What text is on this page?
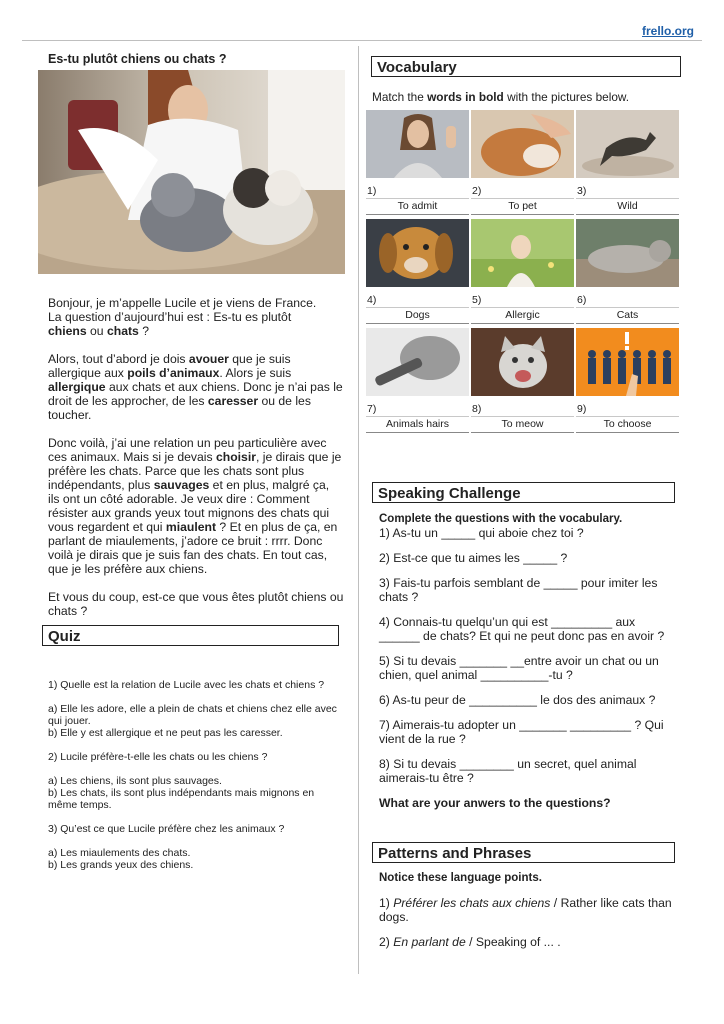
frello.org
Es-tu plutôt chiens ou chats ?

Bonjour, je m’appelle Lucile et je viens de France.
La question d’aujourd’hui est : Es-tu es plutôt
chiens ou chats ?

Alors, tout d’abord je dois avouer que je suis allergique aux poils d’animaux. Alors je suis allergique aux chats et aux chiens. Donc je n’ai pas le droit de les approcher, de les caresser ou de les toucher.

Donc voilà, j’ai une relation un peu particulière avec ces animaux. Mais si je devais choisir, je dirais que je préfère les chats. Parce que les chats sont plus indépendants, plus sauvages et en plus, malgré ça, ils ont un côté adorable. Je veux dire : Comment résister aux grands yeux tout mignons des chats qui vous regardent et qui miaulent ? Et en plus de ça, en parlant de miaulements, j’adore ce bruit : rrrr. Donc voilà je dirais que je suis fan des chats. En tout cas, que je les préfère aux chiens.

Et vous du coup, est-ce que vous êtes plutôt chiens ou chats ?

Quiz

1) Quelle est la relation de Lucile avec les chats et chiens ?

a) Elle les adore, elle a plein de chats et chiens chez elle avec qui jouer.
b) Elle y est allergique et ne peut pas les caresser.

2) Lucile préfère-t-elle les chats ou les chiens ?

a) Les chiens, ils sont plus sauvages.
b) Les chats, ils sont plus indépendants mais mignons en même temps.

3) Qu’est ce que Lucile préfère chez les animaux ?

a) Les miaulements des chats.
b) Les grands yeux des chiens.

Vocabulary
Match the words in bold with the pictures below.
1)
To admit
2)
To pet
3)
Wild
4)
Dogs
5)
Allergic
6)
Cats
7)
Animals hairs
8)
To meow
9)
To choose
Speaking Challenge
Complete the questions with the vocabulary.

1) As-tu un _____ qui aboie chez toi ?

2) Est-ce que tu aimes les _____ ?

3) Fais-tu parfois semblant de _____ pour imiter les chats ?

4) Connais-tu quelqu’un qui est _________ aux ______ de chats? Et qui ne peut donc pas en avoir ?

5) Si tu devais _______ __entre avoir un chat ou un chien, quel animal __________-tu ?

6) As-tu peur de __________ le dos des animaux ?

7) Aimerais-tu adopter un _______ _________ ? Qui vient de la rue ?

8) Si tu devais ________ un secret, quel animal aimerais-tu être ?

What are your anwers to the questions?

Patterns and Phrases

Notice these language points.

1) Préférer les chats aux chiens / Rather like cats than dogs.

2) En parlant de / Speaking of ... .
